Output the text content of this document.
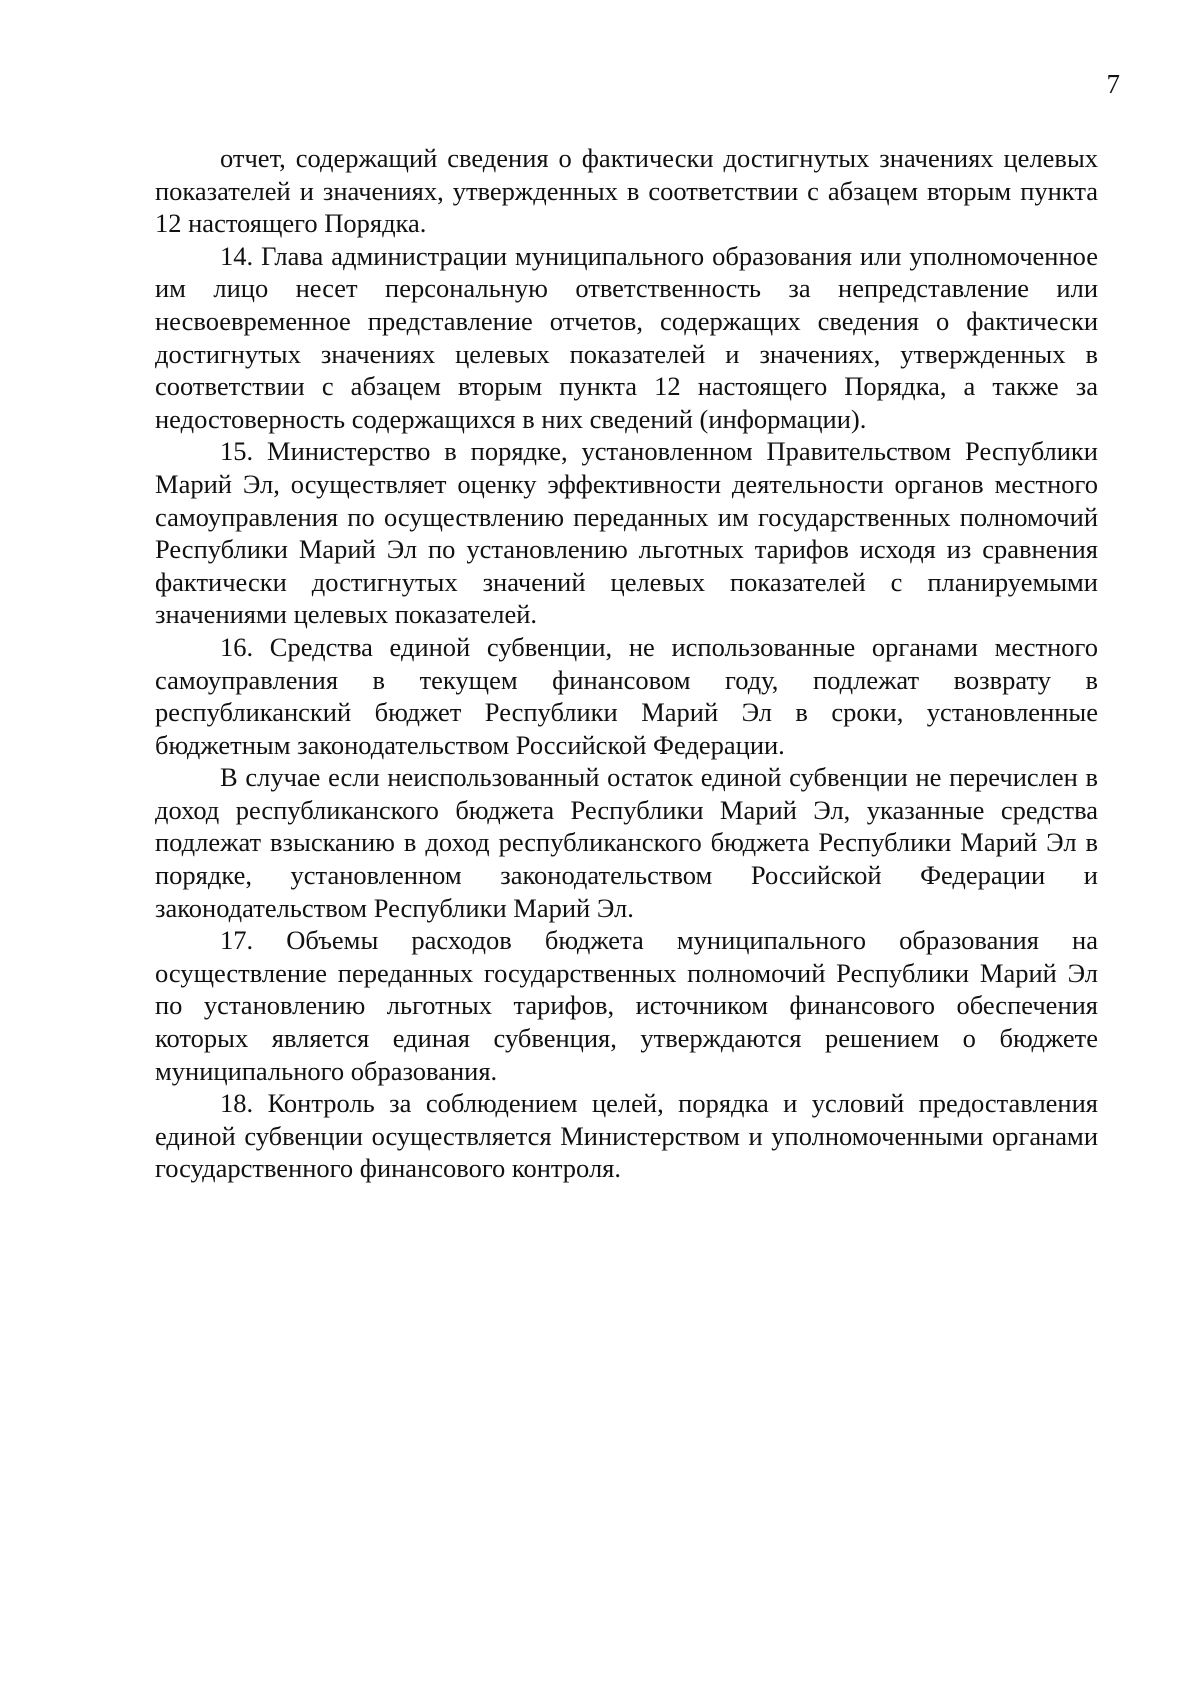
7

отчет, содержащий сведения о фактически достигнутых значениях целевых показателей и значениях, утвержденных в соответствии с абзацем вторым пункта 12 настоящего Порядка.

14. Глава администрации муниципального образования или уполномоченное им лицо несет персональную ответственность за непредставление или несвоевременное представление отчетов, содержащих сведения о фактически достигнутых значениях целевых показателей и значениях, утвержденных в соответствии с абзацем вторым пункта 12 настоящего Порядка, а также за недостоверность содержащихся в них сведений (информации).

15. Министерство в порядке, установленном Правительством Республики Марий Эл, осуществляет оценку эффективности деятельности органов местного самоуправления по осуществлению переданных им государственных полномочий Республики Марий Эл по установлению льготных тарифов исходя из сравнения фактически достигнутых значений целевых показателей с планируемыми значениями целевых показателей.

16. Средства единой субвенции, не использованные органами местного самоуправления в текущем финансовом году, подлежат возврату в республиканский бюджет Республики Марий Эл в сроки, установленные бюджетным законодательством Российской Федерации.

В случае если неиспользованный остаток единой субвенции не перечислен в доход республиканского бюджета Республики Марий Эл, указанные средства подлежат взысканию в доход республиканского бюджета Республики Марий Эл в порядке, установленном законодательством Российской Федерации и законодательством Республики Марий Эл.

17. Объемы расходов бюджета муниципального образования на осуществление переданных государственных полномочий Республики Марий Эл по установлению льготных тарифов, источником финансового обеспечения которых является единая субвенция, утверждаются решением о бюджете муниципального образования.

18. Контроль за соблюдением целей, порядка и условий предоставления единой субвенции осуществляется Министерством и уполномоченными органами государственного финансового контроля.
